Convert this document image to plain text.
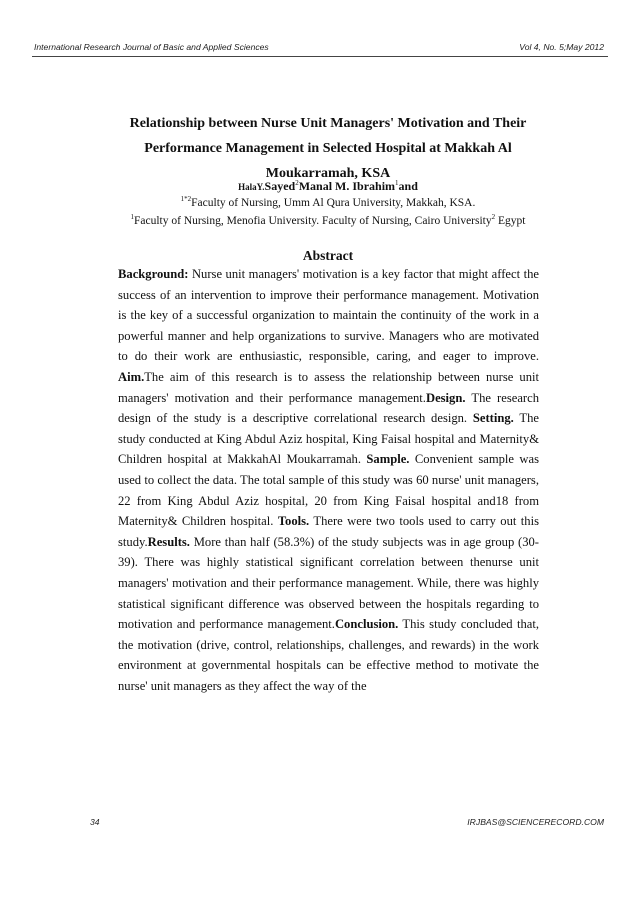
International Research Journal of Basic and Applied Sciences	Vol 4, No. 5;May 2012
Relationship between Nurse Unit Managers' Motivation and Their Performance Management in Selected Hospital at Makkah Al Moukarramah, KSA
HalaY.Sayed$^2$Manal M. Ibrahim$^1$and
$^{1*2}$Faculty of Nursing, Umm Al Qura University, Makkah, KSA.
$^1$Faculty of Nursing, Menofia University. Faculty of Nursing, Cairo University$^2$ Egypt
Abstract
Background: Nurse unit managers' motivation is a key factor that might affect the success of an intervention to improve their performance management. Motivation is the key of a successful organization to maintain the continuity of the work in a powerful manner and help organizations to survive. Managers who are motivated to do their work are enthusiastic, responsible, caring, and eager to improve. Aim.The aim of this research is to assess the relationship between nurse unit managers' motivation and their performance management.Design. The research design of the study is a descriptive correlational research design. Setting. The study conducted at King Abdul Aziz hospital, King Faisal hospital and Maternity& Children hospital at MakkahAl Moukarramah. Sample. Convenient sample was used to collect the data. The total sample of this study was 60 nurse' unit managers, 22 from King Abdul Aziz hospital, 20 from King Faisal hospital and18 from Maternity& Children hospital. Tools. There were two tools used to carry out this study.Results. More than half (58.3%) of the study subjects was in age group (30-39). There was highly statistical significant correlation between thenurse unit managers' motivation and their performance management. While, there was highly statistical significant difference was observed between the hospitals regarding to motivation and performance management.Conclusion. This study concluded that, the motivation (drive, control, relationships, challenges, and rewards) in the work environment at governmental hospitals can be effective method to motivate the nurse' unit managers as they affect the way of the
34	IRJBAS@SCIENCERECORD.COM
